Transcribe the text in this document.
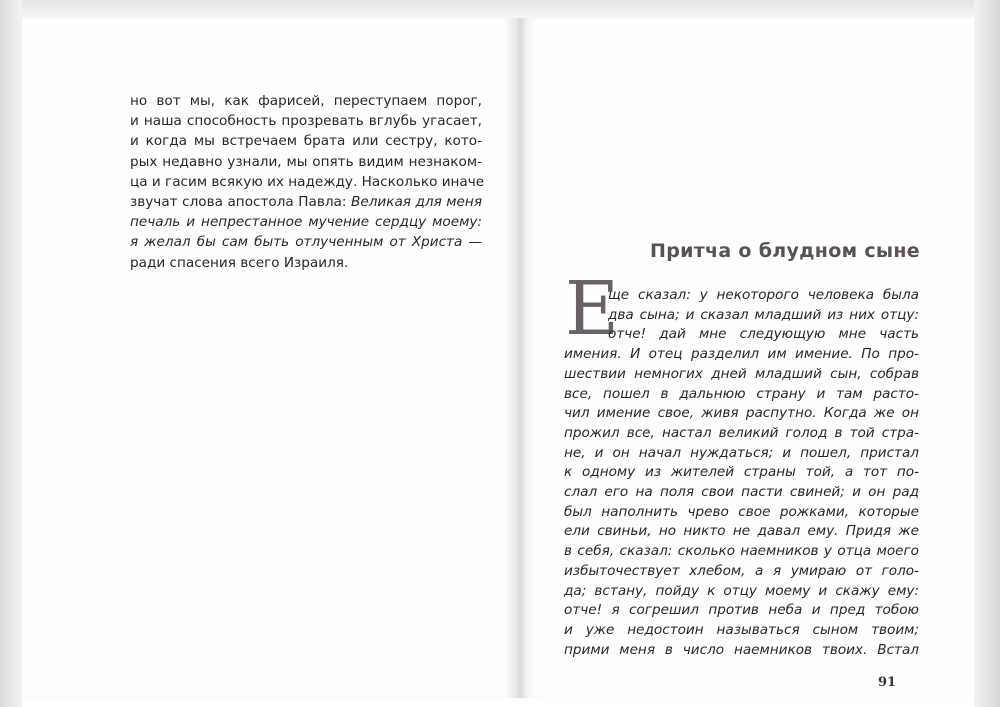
но вот мы, как фарисей, переступаем порог,
и наша способность прозревать вглубь угасает,
и когда мы встречаем брата или сестру, кото-
рых недавно узнали, мы опять видим незнаком-
ца и гасим всякую их надежду. Насколько иначе
звучат слова апостола Павла: Великая для меня
печаль и непрестанное мучение сердцу моему:
я желал бы сам быть отлученным от Христа —
ради спасения всего Израиля.
Притча о блудном сыне
Е
ще сказал: у некоторого человека была
два сына; и сказал младший из них отцу:
отче! дай мне следующую мне часть
имения. И отец разделил им имение. По про-
шествии немногих дней младший сын, собрав
все, пошел в дальнюю страну и там расто-
чил имение свое, живя распутно. Когда же он
прожил все, настал великий голод в той стра-
не, и он начал нуждаться; и пошел, пристал
к одному из жителей страны той, а тот по-
слал его на поля свои пасти свиней; и он рад
был наполнить чрево свое рожками, которые
ели свиньи, но никто не давал ему. Придя же
в себя, сказал: сколько наемников у отца моего
избыточествует хлебом, а я умираю от голо-
да; встану, пойду к отцу моему и скажу ему:
отче! я согрешил против неба и пред тобою
и уже недостоин называться сыном твоим;
прими меня в число наемников твоих. Встал
91
